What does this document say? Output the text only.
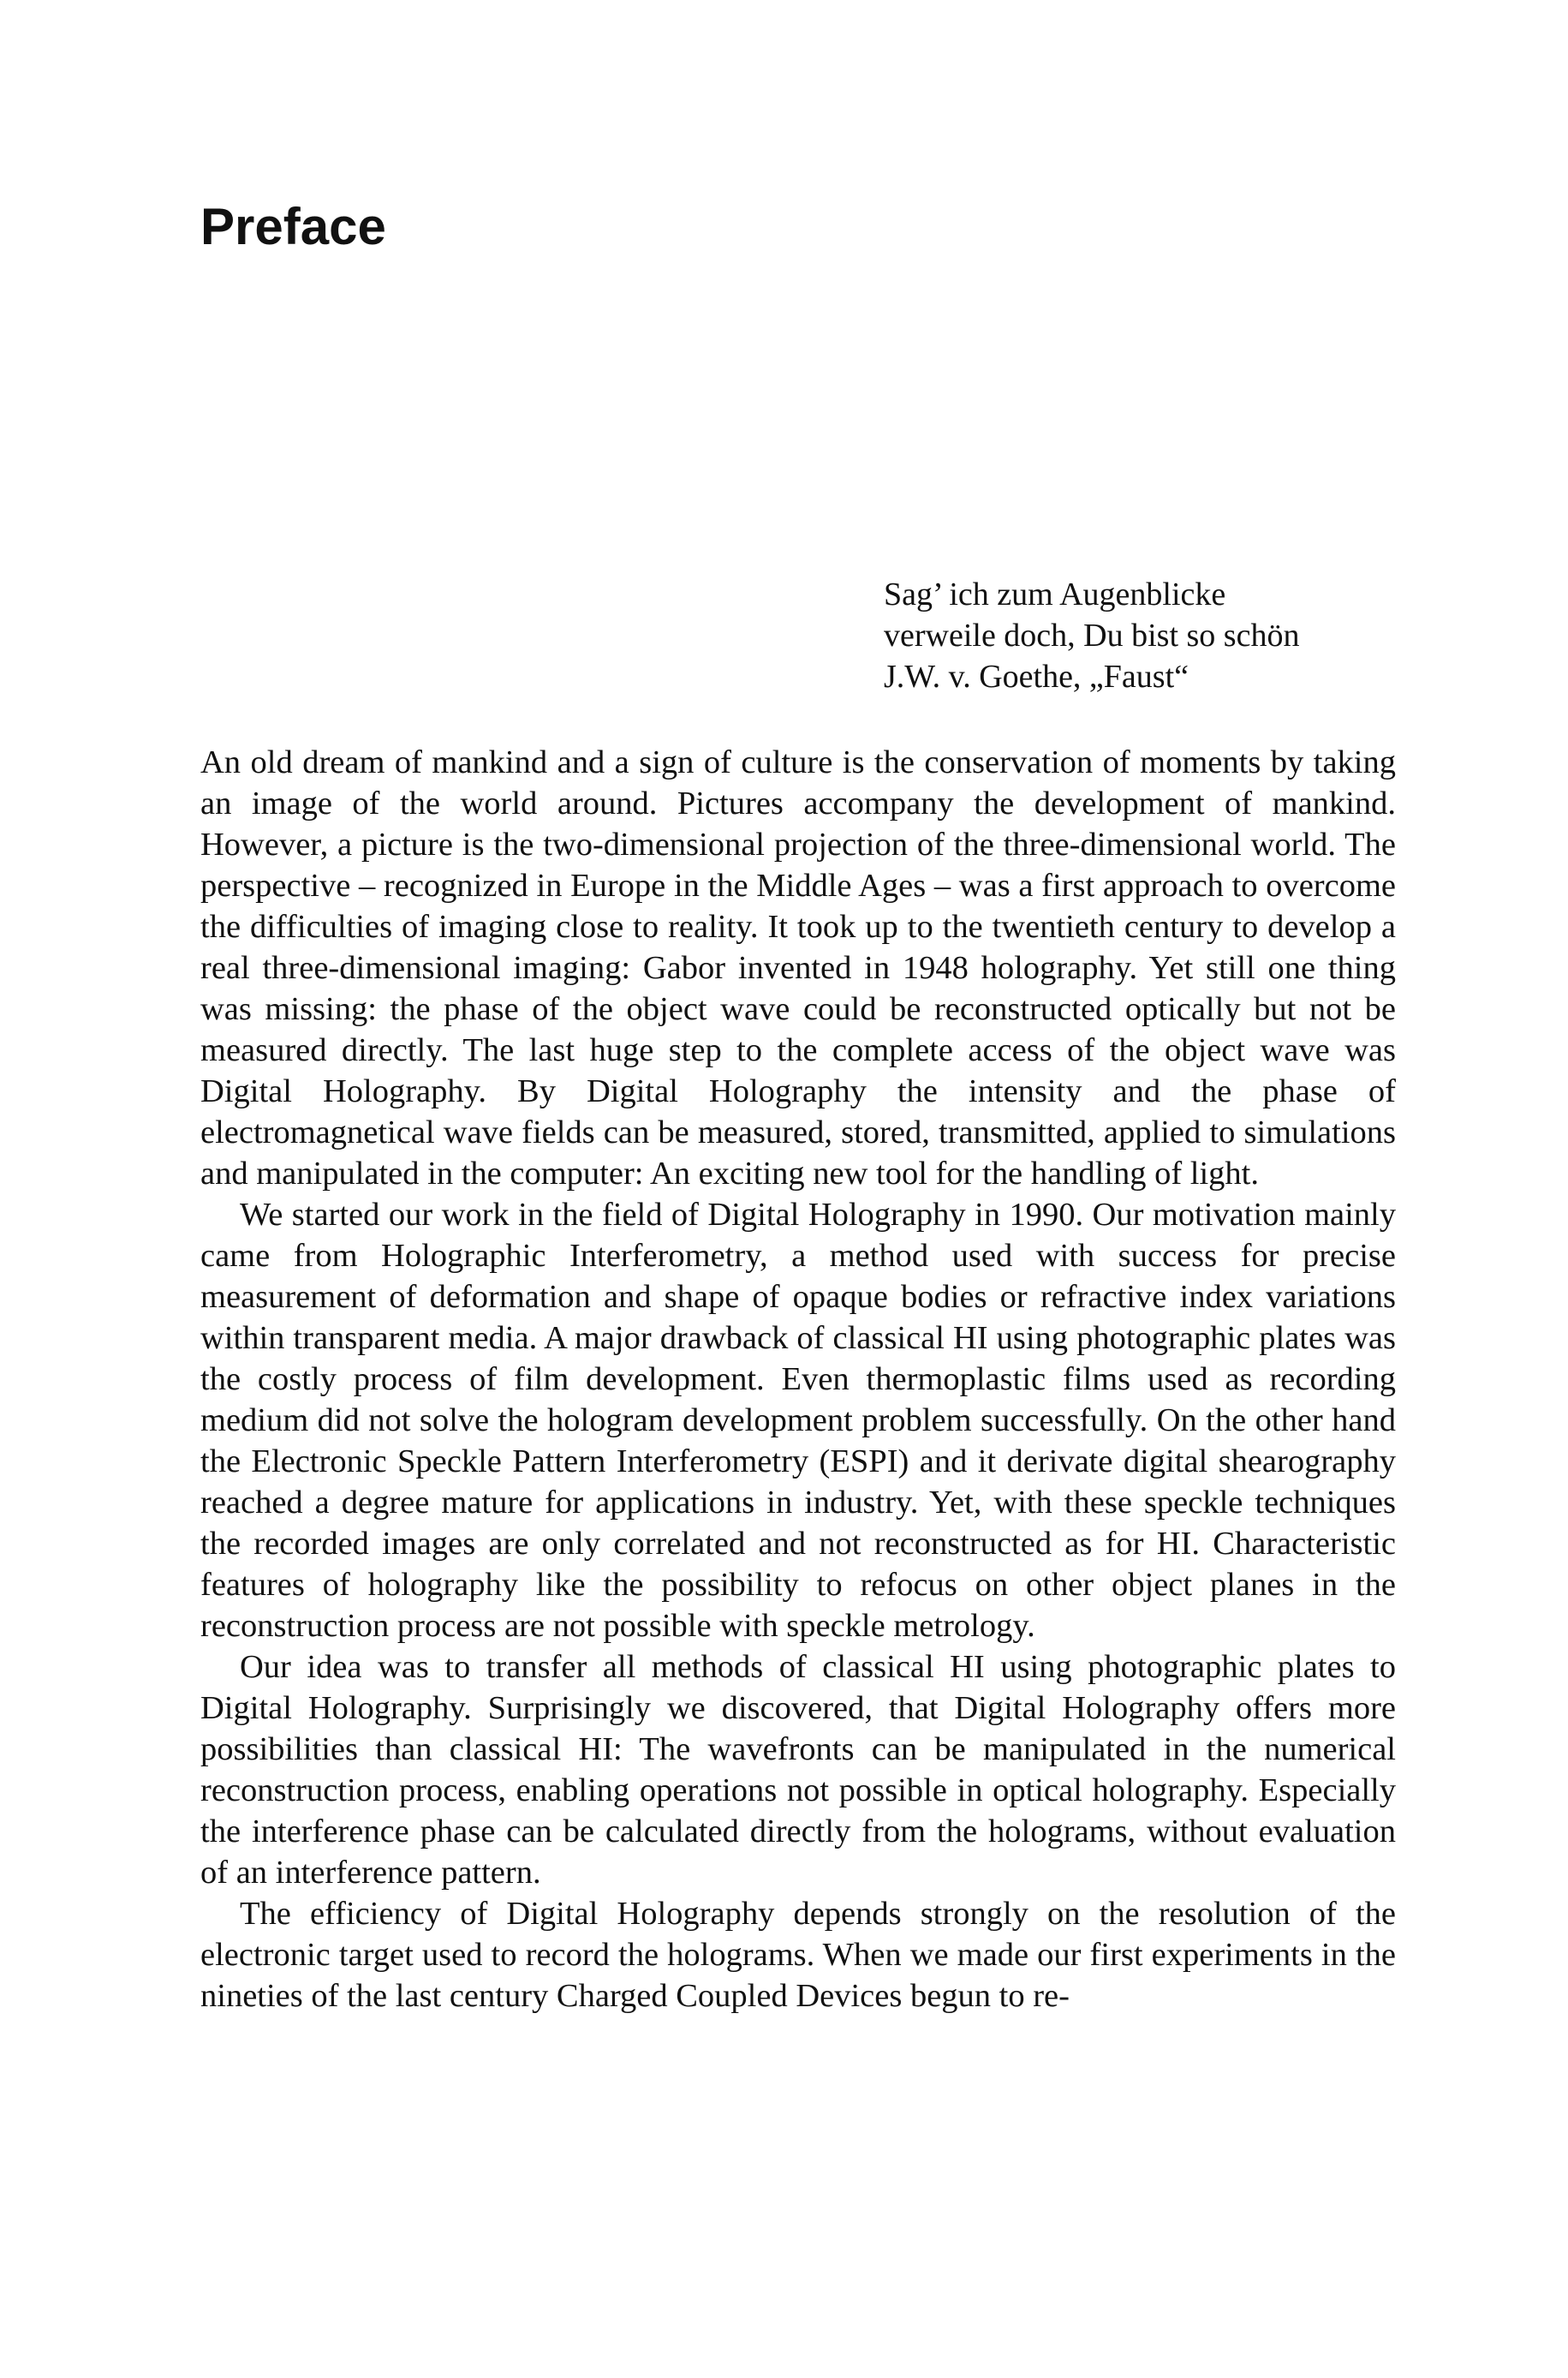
Preface
Sag’ ich zum Augenblicke
verweile doch, Du bist so schön
J.W. v. Goethe, „Faust“

An old dream of mankind and a sign of culture is the conservation of moments by taking an image of the world around. Pictures accompany the development of mankind. However, a picture is the two-dimensional projection of the three-dimensional world. The perspective – recognized in Europe in the Middle Ages – was a first approach to overcome the difficulties of imaging close to reality. It took up to the twentieth century to develop a real three-dimensional imaging: Gabor invented in 1948 holography. Yet still one thing was missing: the phase of the object wave could be reconstructed optically but not be measured directly. The last huge step to the complete access of the object wave was Digital Holography. By Digital Holography the intensity and the phase of electromagnetical wave fields can be measured, stored, transmitted, applied to simulations and manipulated in the computer: An exciting new tool for the handling of light.

We started our work in the field of Digital Holography in 1990. Our motivation mainly came from Holographic Interferometry, a method used with success for precise measurement of deformation and shape of opaque bodies or refractive index variations within transparent media. A major drawback of classical HI using photographic plates was the costly process of film development. Even thermoplastic films used as recording medium did not solve the hologram development problem successfully. On the other hand the Electronic Speckle Pattern Interferometry (ESPI) and it derivate digital shearography reached a degree mature for applications in industry. Yet, with these speckle techniques the recorded images are only correlated and not reconstructed as for HI. Characteristic features of holography like the possibility to refocus on other object planes in the reconstruction process are not possible with speckle metrology.

Our idea was to transfer all methods of classical HI using photographic plates to Digital Holography. Surprisingly we discovered, that Digital Holography offers more possibilities than classical HI: The wavefronts can be manipulated in the numerical reconstruction process, enabling operations not possible in optical holography. Especially the interference phase can be calculated directly from the holograms, without evaluation of an interference pattern.

The efficiency of Digital Holography depends strongly on the resolution of the electronic target used to record the holograms. When we made our first experiments in the nineties of the last century Charged Coupled Devices begun to re-
